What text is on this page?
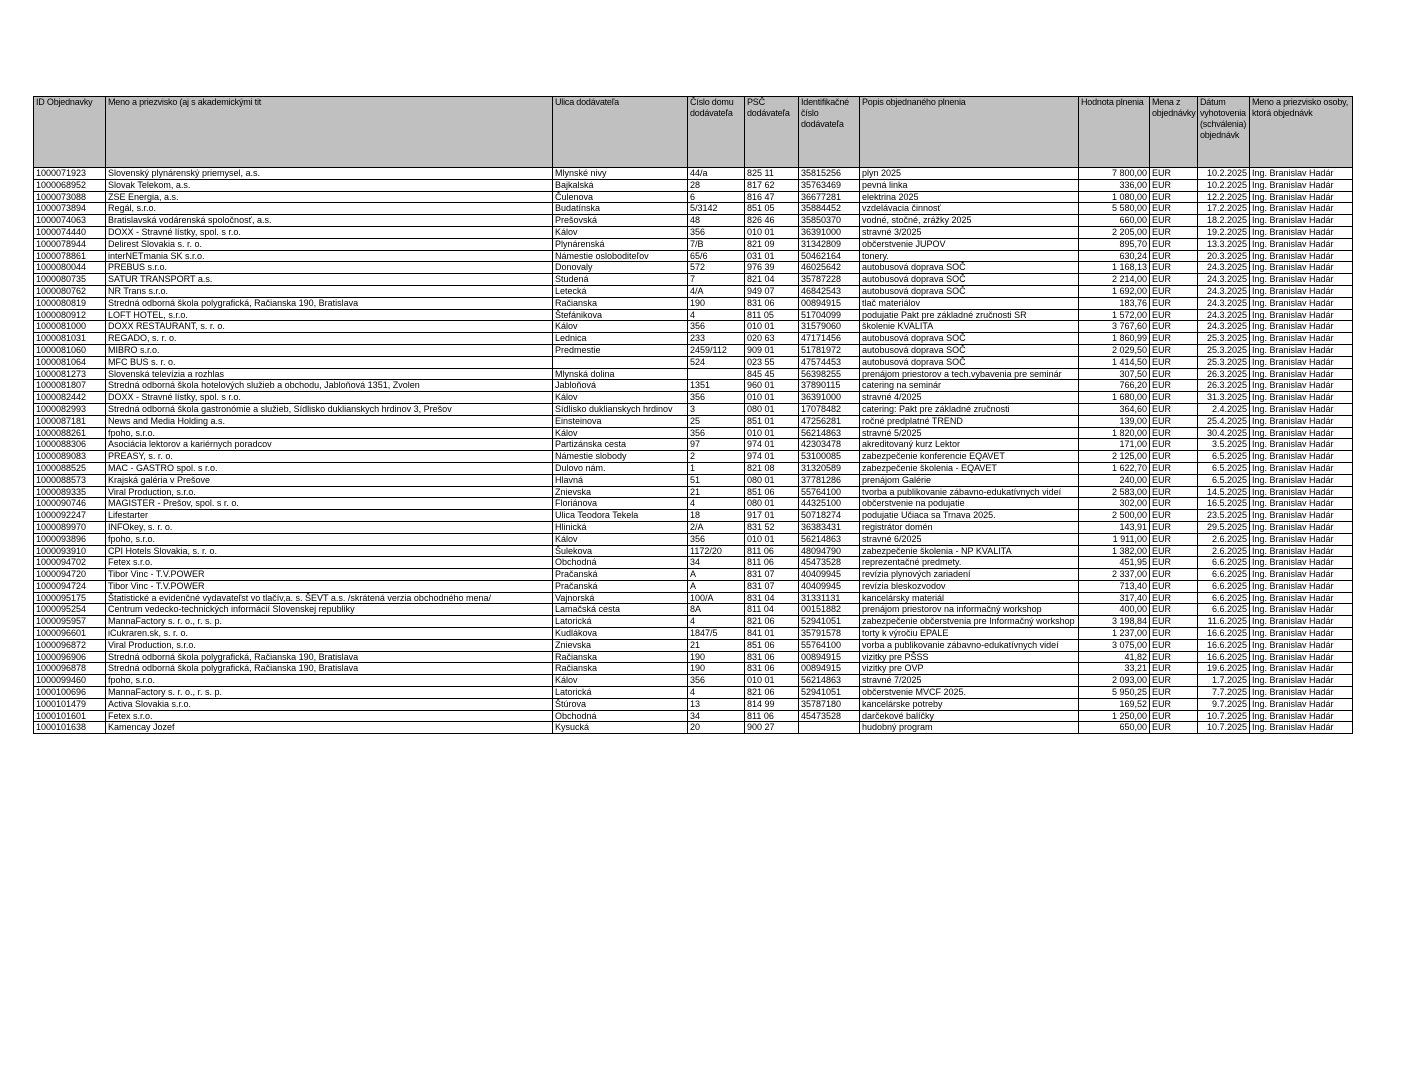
ID Objednavky	Meno a priezvisko (aj s akademickými tit	Ulica dodávateľa	Číslo domu dodávateľa	PSČ dodávateľa	Identifikačné číslo dodávateľa	Popis objednaného plnenia	Hodnota plnenia	Mena z objednávky	Dátum vyhotovenia (schválenia) objednávk	Meno a priezvisko osoby, ktorá objednávk
1000071923	Slovenský plynárenský priemysel, a.s.	Mlynské nivy	44/a	825 11	35815256	plyn 2025	7 800,00	EUR	10.2.2025	Ing. Branislav Hadár
1000068952	Slovak Telekom, a.s.	Bajkalská	28	817 62	35763469	pevná linka	336,00	EUR	10.2.2025	Ing. Branislav Hadár
1000073088	ZSE Energia, a.s.	Čulenova	6	816 47	36677281	elektrina 2025	1 080,00	EUR	12.2.2025	Ing. Branislav Hadár
1000073894	Regál, s.r.o.	Budatínska	5/3142	851 05	35884452	vzdelávacia činnosť	5 580,00	EUR	17.2.2025	Ing. Branislav Hadár
1000074063	Bratislavská vodárenská spoločnosť, a.s.	Prešovská	48	826 46	35850370	vodné, stočné, zrážky 2025	660,00	EUR	18.2.2025	Ing. Branislav Hadár
1000074440	DOXX - Stravné lístky, spol. s r.o.	Kálov	356	010 01	36391000	stravné 3/2025	2 205,00	EUR	19.2.2025	Ing. Branislav Hadár
1000078944	Delirest Slovakia s. r. o.	Plynárenská	7/B	821 09	31342809	občerstvenie JUPOV	895,70	EUR	13.3.2025	Ing. Branislav Hadár
1000078861	interNETmania SK s.r.o.	Námestie osloboditeľov	65/6	031 01	50462164	tonery.	630,24	EUR	20.3.2025	Ing. Branislav Hadár
1000080044	PREBUS s.r.o.	Donovaly	572	976 39	46025642	autobusová doprava SOČ	1 168,13	EUR	24.3.2025	Ing. Branislav Hadár
1000080735	SATUR TRANSPORT a.s.	Studená	7	821 04	35787228	autobusová doprava SOČ	2 214,00	EUR	24.3.2025	Ing. Branislav Hadár
1000080762	NR Trans s.r.o.	Letecká	4/A	949 07	46842543	autobusová doprava SOČ	1 692,00	EUR	24.3.2025	Ing. Branislav Hadár
1000080819	Stredná odborná škola polygrafická, Račianska 190, Bratislava	Račianska	190	831 06	00894915	tlač materiálov	183,76	EUR	24.3.2025	Ing. Branislav Hadár
1000080912	LOFT HOTEL, s.r.o.	Štefánikova	4	811 05	51704099	podujatie Pakt pre základné zručnosti SR	1 572,00	EUR	24.3.2025	Ing. Branislav Hadár
1000081000	DOXX RESTAURANT, s. r. o.	Kálov	356	010 01	31579060	školenie KVALITA	3 767,60	EUR	24.3.2025	Ing. Branislav Hadár
1000081031	REGADO, s. r. o.	Lednica	233	020 63	47171456	autobusová doprava SOČ	1 860,99	EUR	25.3.2025	Ing. Branislav Hadár
1000081060	MIBRO s.r.o.	Predmestie	2459/112	909 01	51781972	autobusová doprava SOČ	2 029,50	EUR	25.3.2025	Ing. Branislav Hadár
1000081064	MFC BUS s. r. o.		524	023 55	47574453	autobusová doprava SOČ	1 414,50	EUR	25.3.2025	Ing. Branislav Hadár
1000081273	Slovenská televízia a rozhlas	Mlynská dolina		845 45	56398255	prenájom priestorov a tech.vybavenia pre seminár	307,50	EUR	26.3.2025	Ing. Branislav Hadár
1000081807	Stredná odborná škola hotelových služieb a obchodu, Jabloňová 1351, Zvolen	Jabloňová	1351	960 01	37890115	catering na seminár	766,20	EUR	26.3.2025	Ing. Branislav Hadár
1000082442	DOXX - Stravné lístky, spol. s r.o.	Kálov	356	010 01	36391000	stravné 4/2025	1 680,00	EUR	31.3.2025	Ing. Branislav Hadár
1000082993	Stredná odborná škola gastronómie a služieb, Sídlisko duklianskych hrdinov 3, Prešov	Sídlisko duklianskych hrdinov	3	080 01	17078482	catering: Pakt pre základné zručnosti	364,60	EUR	2.4.2025	Ing. Branislav Hadár
1000087181	News and Media Holding a.s.	Einsteinova	25	851 01	47256281	ročné predplatné TREND	139,00	EUR	25.4.2025	Ing. Branislav Hadár
1000088261	fpoho, s.r.o.	Kálov	356	010 01	56214863	stravné 5/2025	1 820,00	EUR	30.4.2025	Ing. Branislav Hadár
1000088306	Asociácia lektorov a kariérnych poradcov	Partizánska cesta	97	974 01	42303478	akreditovaný kurz Lektor	171,00	EUR	3.5.2025	Ing. Branislav Hadár
1000089083	PREASY, s. r. o.	Námestie slobody	2	974 01	53100085	zabezpečenie konferencie EQAVET	2 125,00	EUR	6.5.2025	Ing. Branislav Hadár
1000088525	MAC - GASTRO spol. s r.o.	Dulovo nám.	1	821 08	31320589	zabezpečenie školenia - EQAVET	1 622,70	EUR	6.5.2025	Ing. Branislav Hadár
1000088573	Krajská galéria v Prešove	Hlavná	51	080 01	37781286	prenájom Galérie	240,00	EUR	6.5.2025	Ing. Branislav Hadár
1000089335	Viral Production, s.r.o.	Znievska	21	851 06	55764100	tvorba a publikovanie zábavno-edukatívnych videí	2 583,00	EUR	14.5.2025	Ing. Branislav Hadár
1000090746	MAGISTER - Prešov, spol. s r. o.	Floriánova	4	080 01	44325100	občerstvenie na podujatie	302,00	EUR	16.5.2025	Ing. Branislav Hadár
1000092247	Lifestarter	Ulica Teodora Tekela	18	917 01	50718274	podujatie Učiaca sa Trnava 2025.	2 500,00	EUR	23.5.2025	Ing. Branislav Hadár
1000089970	INFOkey, s. r. o.	Hlinická	2/A	831 52	36383431	registrátor domén	143,91	EUR	29.5.2025	Ing. Branislav Hadár
1000093896	fpoho, s.r.o.	Kálov	356	010 01	56214863	stravné 6/2025	1 911,00	EUR	2.6.2025	Ing. Branislav Hadár
1000093910	CPI Hotels Slovakia, s. r. o.	Šulekova	1172/20	811 06	48094790	zabezpečenie školenia - NP KVALITA	1 382,00	EUR	2.6.2025	Ing. Branislav Hadár
1000094702	Fetex s.r.o.	Obchodná	34	811 06	45473528	reprezentačné predmety.	451,95	EUR	6.6.2025	Ing. Branislav Hadár
1000094720	Tibor Vinc - T.V.POWER	Pračanská	A	831 07	40409945	revízia plynových zariadení	2 337,00	EUR	6.6.2025	Ing. Branislav Hadár
1000094724	Tibor Vinc - T.V.POWER	Pračanská	A	831 07	40409945	revízia bleskozvodov	713,40	EUR	6.6.2025	Ing. Branislav Hadár
1000095175	Štatistické a evidenčné vydavateľst vo tlačív,a. s. ŠEVT a.s. /skrátená verzia obchodného mena/	Vajnorská	100/A	831 04	31331131	kancelársky materiál	317,40	EUR	6.6.2025	Ing. Branislav Hadár
1000095254	Centrum vedecko-technických informácií Slovenskej republiky	Lamačská cesta	8A	811 04	00151882	prenájom priestorov na informačný workshop	400,00	EUR	6.6.2025	Ing. Branislav Hadár
1000095957	MannaFactory s. r. o., r. s. p.	Latorická	4	821 06	52941051	zabezpečenie občerstvenia pre Informačný workshop	3 198,84	EUR	11.6.2025	Ing. Branislav Hadár
1000096601	iCukraren.sk, s. r. o.	Kudlákova	1847/5	841 01	35791578	torty k výročiu EPALE	1 237,00	EUR	16.6.2025	Ing. Branislav Hadár
1000096872	Viral Production, s.r.o.	Znievska	21	851 06	55764100	vorba a publikovanie zábavno-edukatívnych videí	3 075,00	EUR	16.6.2025	Ing. Branislav Hadár
1000096906	Stredná odborná škola polygrafická, Račianska 190, Bratislava	Račianska	190	831 06	00894915	vizitky pre PŠSS	41,82	EUR	16.6.2025	Ing. Branislav Hadár
1000096878	Stredná odborná škola polygrafická, Račianska 190, Bratislava	Račianska	190	831 06	00894915	vizitky pre OVP	33,21	EUR	19.6.2025	Ing. Branislav Hadár
1000099460	fpoho, s.r.o.	Kálov	356	010 01	56214863	stravné 7/2025	2 093,00	EUR	1.7.2025	Ing. Branislav Hadár
1000100696	MannaFactory s. r. o., r. s. p.	Latorická	4	821 06	52941051	občerstvenie MVCF 2025.	5 950,25	EUR	7.7.2025	Ing. Branislav Hadár
1000101479	Activa Slovakia s.r.o.	Štúrova	13	814 99	35787180	kancelárske potreby	169,52	EUR	9.7.2025	Ing. Branislav Hadár
1000101601	Fetex s.r.o.	Obchodná	34	811 06	45473528	darčekové balíčky	1 250,00	EUR	10.7.2025	Ing. Branislav Hadár
1000101638	Kamencay Jozef	Kysucká	20	900 27		hudobný program	650,00	EUR	10.7.2025	Ing. Branislav Hadár
